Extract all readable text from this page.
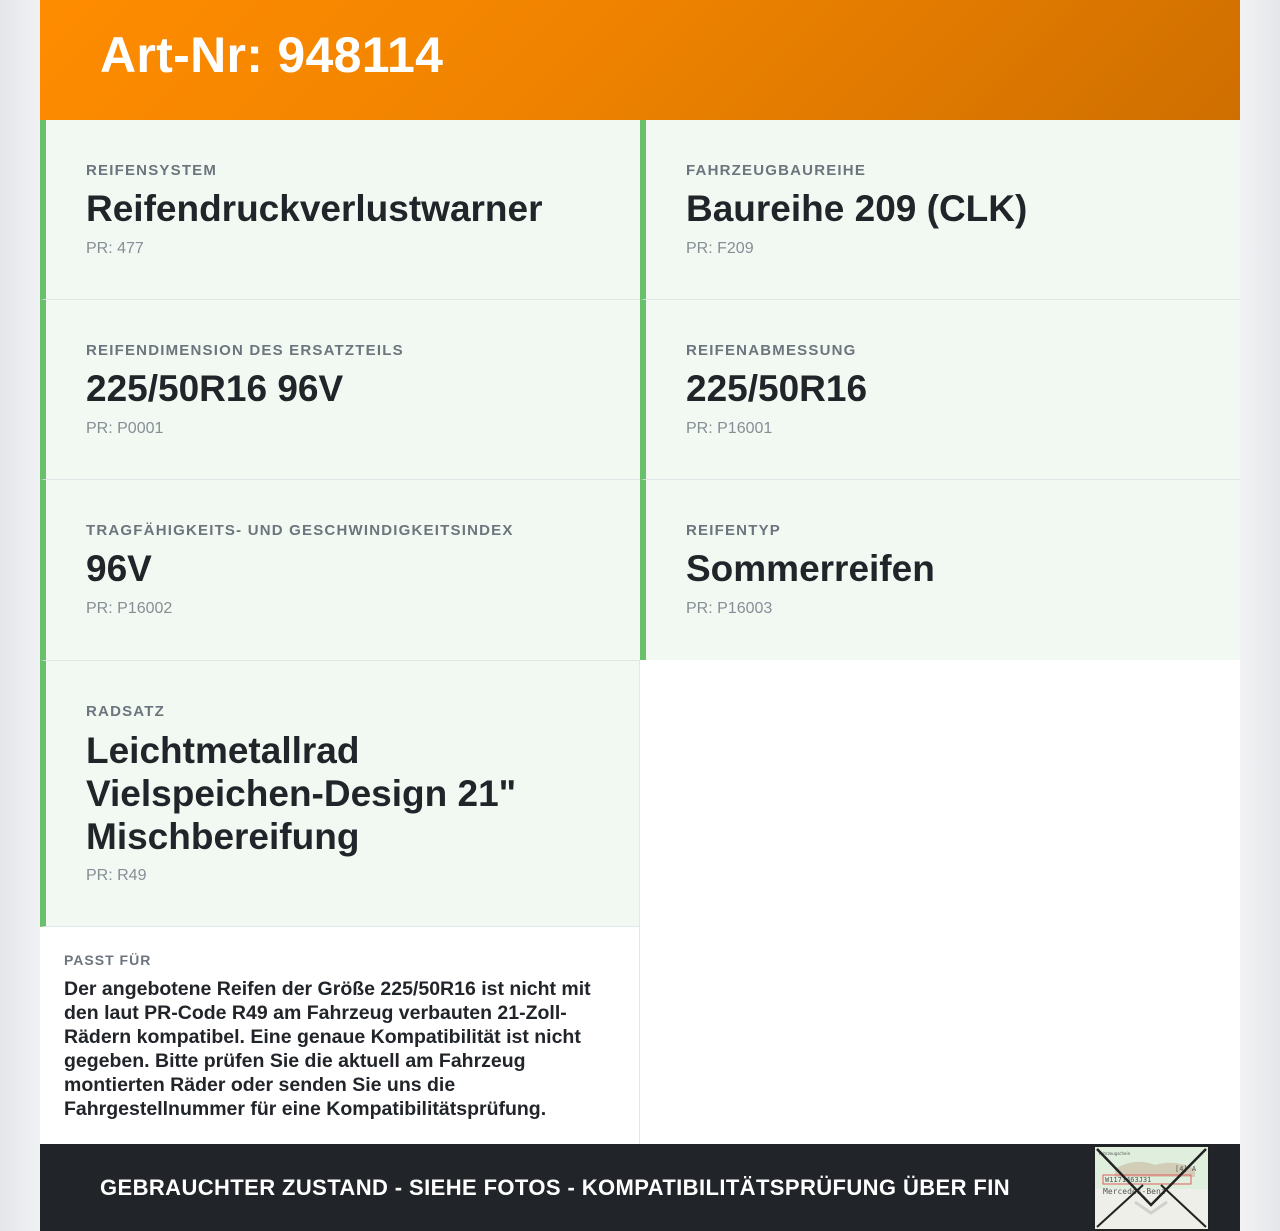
Art-Nr: 948114
REIFENSYSTEM
Reifendruckverlustwarner
PR: 477
FAHRZEUGBAUREIHE
Baureihe 209 (CLK)
PR: F209
REIFENDIMENSION DES ERSATZTEILS
225/50R16 96V
PR: P0001
REIFENABMESSUNG
225/50R16
PR: P16001
TRAGFÄHIGKEITS- UND GESCHWINDIGKEITSINDEX
96V
PR: P16002
REIFENTYP
Sommerreifen
PR: P16003
RADSATZ
Leichtmetallrad Vielspeichen-Design 21" Mischbereifung
PR: R49
PASST FÜR
Der angebotene Reifen der Größe 225/50R16 ist nicht mit den laut PR-Code R49 am Fahrzeug verbauten 21-Zoll-Rädern kompatibel. Eine genaue Kompatibilität ist nicht gegeben. Bitte prüfen Sie die aktuell am Fahrzeug montierten Räder oder senden Sie uns die Fahrgestellnummer für eine Kompatibilitätsprüfung.
GEBRAUCHTER ZUSTAND - SIEHE FOTOS - KOMPATIBILITÄTSPRÜFUNG ÜBER FIN
Fahrzeugschein
[4] A
W1171463J31
Mercedes-Benz
